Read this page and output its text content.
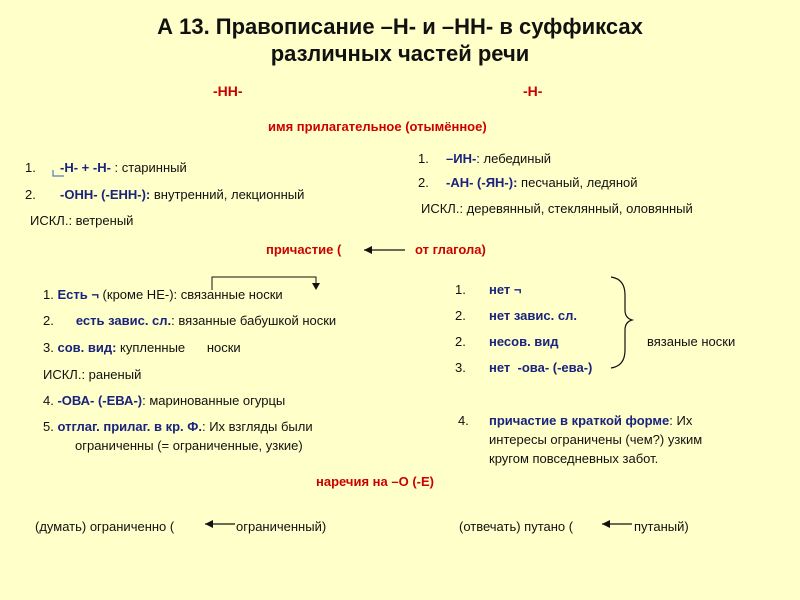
А 13. Правописание –Н- и –НН- в суффиксах
различных частей речи
-НН-	-Н-
имя прилагательное (отымённое)
1. -Н- + -Н- : старинный
2. -ОНН- (-ЕНН-): внутренний, лекционный
ИСКЛ.: ветреный
1. –ИН-: лебединый
2. -АН- (-ЯН-): песчаный, ледяной
ИСКЛ.: деревянный, стеклянный, оловянный
причастие (	от глагола)
1. Есть ¬ (кроме НЕ-): связанные носки
2. есть завис. сл.: вязанные бабушкой носки
3. сов. вид: купленные      носки
ИСКЛ.: раненый
4. -ОВА- (-ЕВА-): маринованные огурцы
5. отглаг. прилаг. в кр. Ф.: Их взгляды были
ограниченны (= ограниченные, узкие)
1. нет ¬
2. нет завис. сл.
2. несов. вид
3. нет  -ова- (-ева-)
вязаные носки
4. причастие в краткой форме: Их
интересы ограничены (чем?) узким
кругом повседневных забот.
наречия на –О (-Е)
(думать) ограниченно (	ограниченный)	(отвечать) путано (	путаный)
